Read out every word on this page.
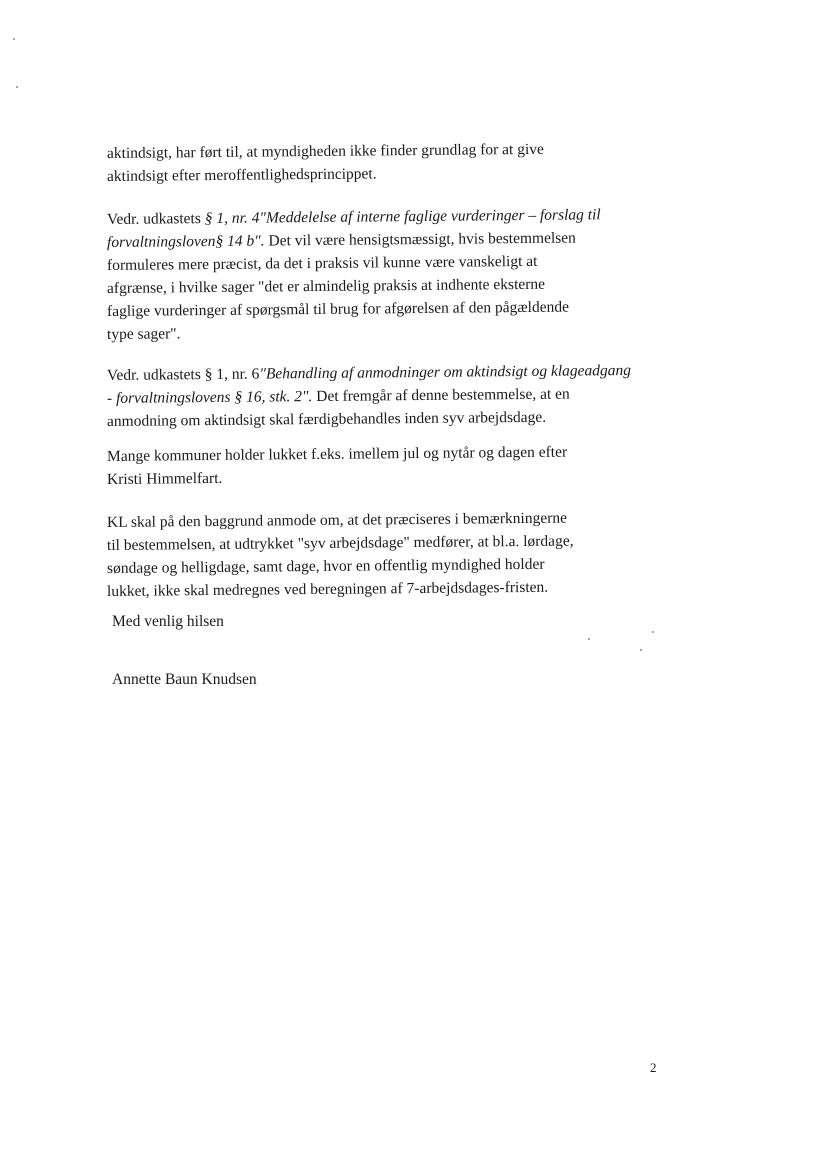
aktindsigt, har ført til, at myndigheden ikke finder grundlag for at give
aktindsigt efter meroffentlighedsprincippet.
Vedr. udkastets § 1, nr. 4"Meddelelse af interne faglige vurderinger – forslag til
forvaltningsloven§ 14 b". Det vil være hensigtsmæssigt, hvis bestemmelsen
formuleres mere præcist, da det i praksis vil kunne være vanskeligt at
afgrænse, i hvilke sager "det er almindelig praksis at indhente eksterne
faglige vurderinger af spørgsmål til brug for afgørelsen af den pågældende
type sager".
Vedr. udkastets § 1, nr. 6"Behandling af anmodninger om aktindsigt og klageadgang
- forvaltningslovens § 16, stk. 2". Det fremgår af denne bestemmelse, at en
anmodning om aktindsigt skal færdigbehandles inden syv arbejdsdage.
Mange kommuner holder lukket f.eks. imellem jul og nytår og dagen efter
Kristi Himmelfart.
KL skal på den baggrund anmode om, at det præciseres i bemærkningerne
til bestemmelsen, at udtrykket "syv arbejdsdage" medfører, at bl.a. lørdage,
søndage og helligdage, samt dage, hvor en offentlig myndighed holder
lukket, ikke skal medregnes ved beregningen af 7-arbejdsdages-fristen.
Med venlig hilsen
Annette Baun Knudsen
2
